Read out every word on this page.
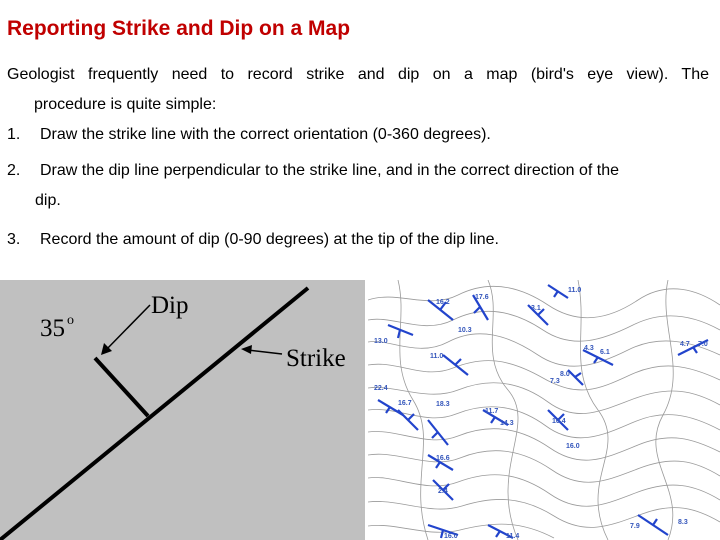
Reporting Strike and Dip on a Map
Geologist frequently need to record strike and dip on a map (bird's eye view). The
procedure is quite simple:
1.	Draw the strike line with the correct orientation (0-360 degrees).
2.	Draw the dip line perpendicular to the strike line, and in the correct direction of the
dip.
3.	Record the amount of dip (0-90 degrees) at the tip of the dip line.
Dip
Strike
35 o
11.0
16.2
17.6
3.1
10.3
13.0
11.0
4.3
6.1
4.7 7.0
8.0
7.3
22.4
16.7	18.3
11.7
14.3	10.4
16.0
16.6
2.4
7.9
8.3
16.0	11.4
